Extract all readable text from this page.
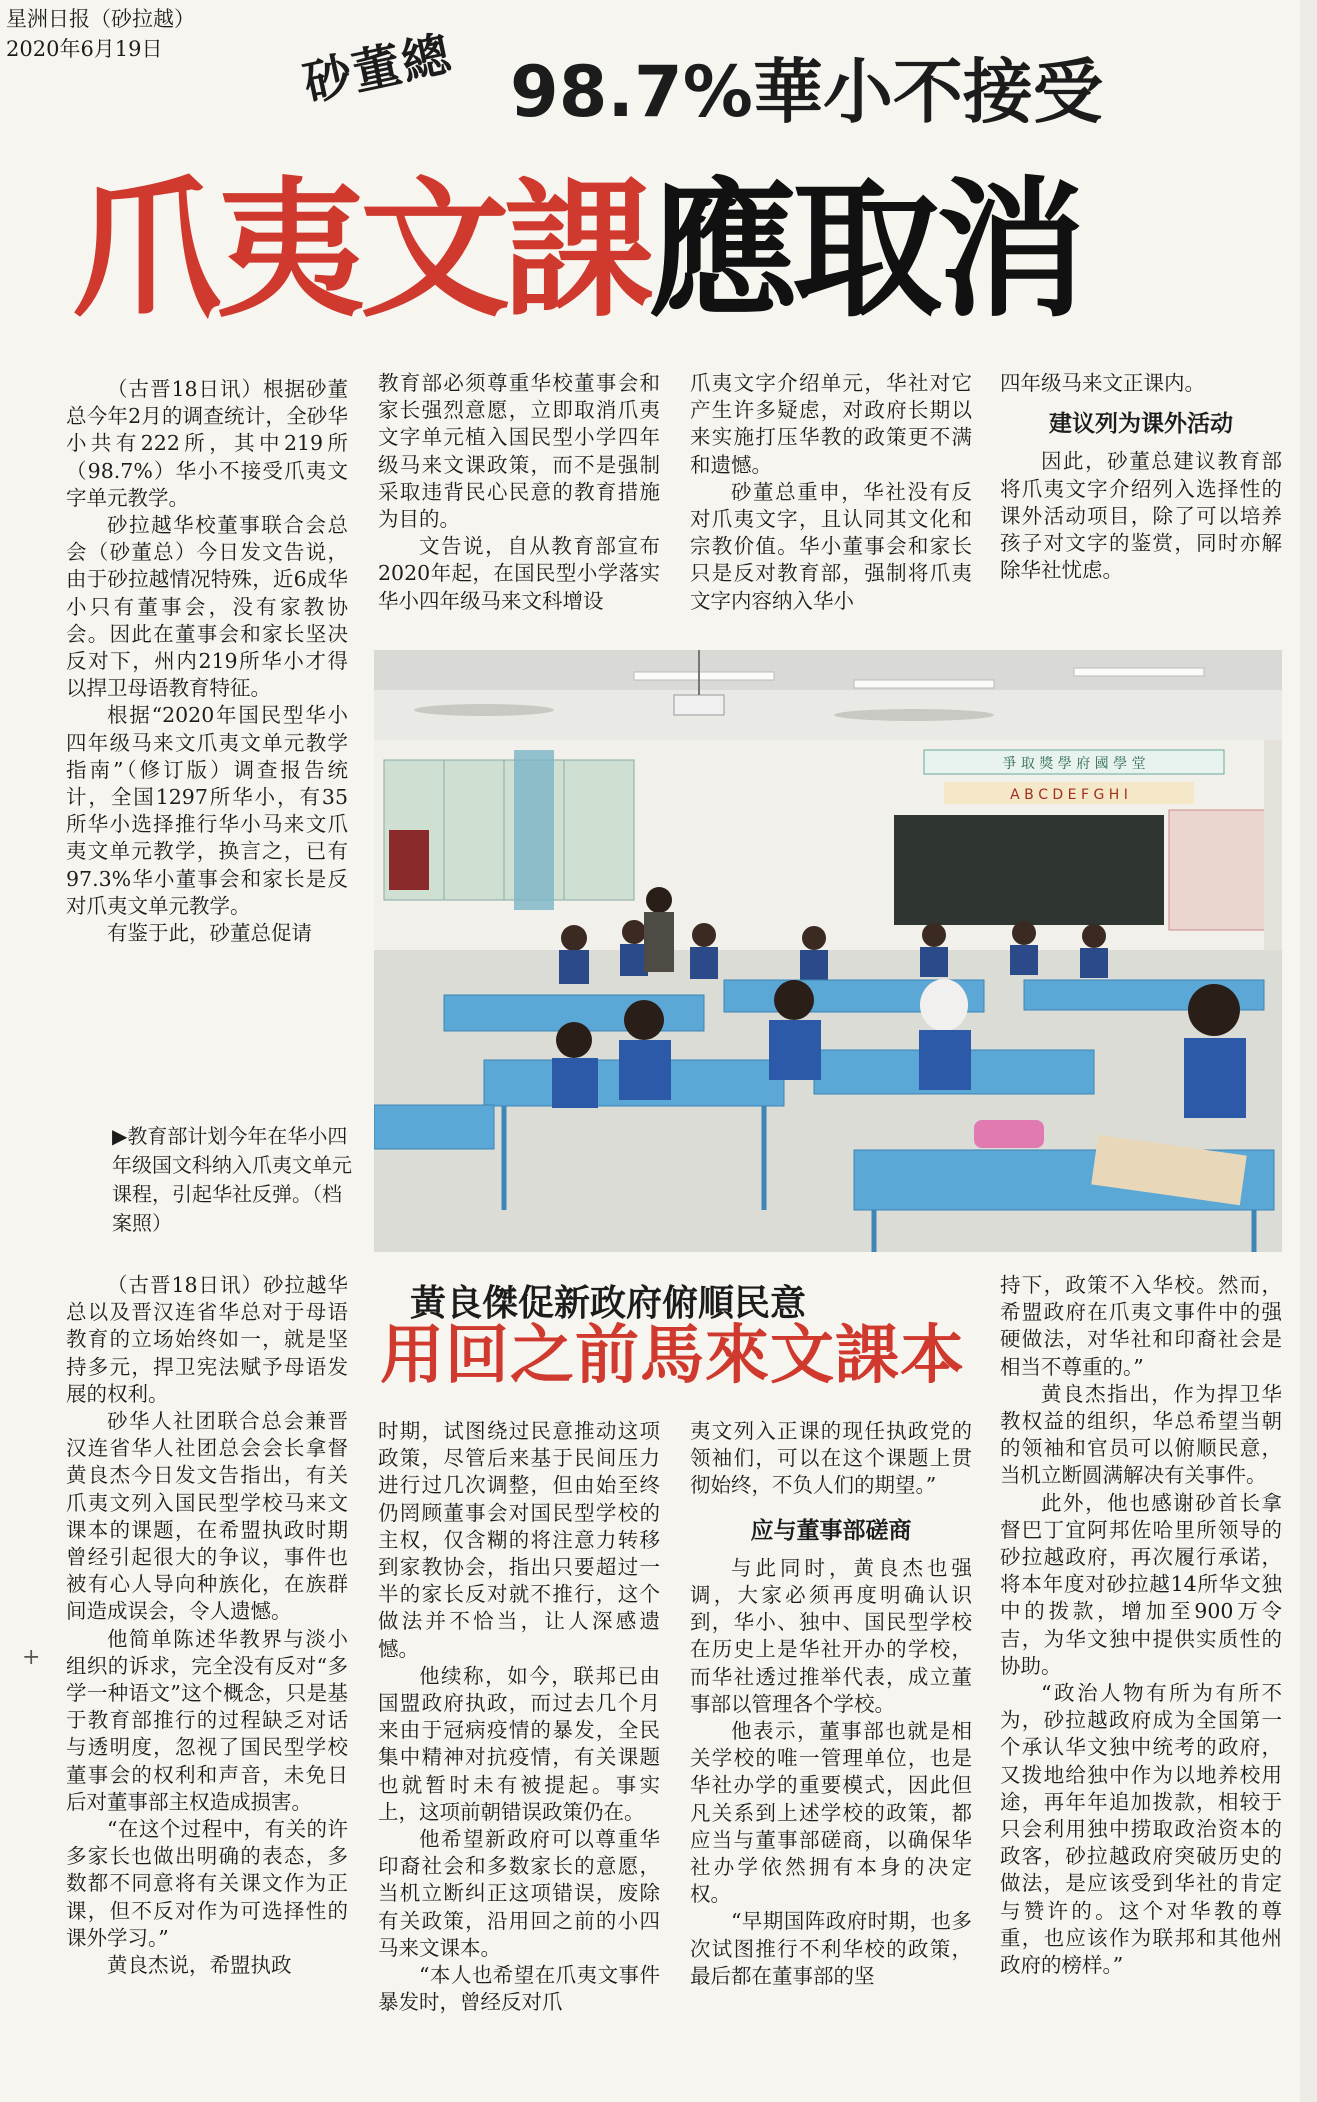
星洲日报（砂拉越）
2020年6月19日	砂董總 98.7%華小不接受
爪夷文課應取消

（古晋18日讯）根据砂董总今年2月的调查统计，全砂华小共有222所，其中219所（98.7%）华小不接受爪夷文字单元教学。

砂拉越华校董事联合会总会（砂董总）今日发文告说，由于砂拉越情况特殊，近6成华小只有董事会，没有家教协会。因此在董事会和家长坚决反对下，州内219所华小才得以捍卫母语教育特征。

根据“2020年国民型华小四年级马来文爪夷文单元教学指南”（修订版）调查报告统计，全国1297所华小，有35所华小选择推行华小马来文爪夷文单元教学，换言之，已有97.3%华小董事会和家长是反对爪夷文单元教学。

有鉴于此，砂董总促请

教育部必须尊重华校董事会和家长强烈意愿，立即取消爪夷文字单元植入国民型小学四年级马来文课政策，而不是强制采取违背民心民意的教育措施为目的。

文告说，自从教育部宣布2020年起，在国民型小学落实华小四年级马来文科增设

爪夷文字介绍单元，华社对它产生许多疑虑，对政府长期以来实施打压华教的政策更不满和遗憾。

砂董总重申，华社没有反对爪夷文字，且认同其文化和宗教价值。华小董事会和家长只是反对教育部，强制将爪夷文字内容纳入华小

四年级马来文正课内。

建议列为课外活动

因此，砂董总建议教育部将爪夷文字介绍列入选择性的课外活动项目，除了可以培养孩子对文字的鉴赏，同时亦解除华社忧虑。

▶教育部计划今年在华小四年级国文科纳入爪夷文单元课程，引起华社反弹。（档案照）
爭 取 獎 學 府 國 學 堂
A B C D E F G H I
黃良傑促新政府俯順民意
用回之前馬來文課本

（古晋18日讯）砂拉越华总以及晋汉连省华总对于母语教育的立场始终如一，就是坚持多元，捍卫宪法赋予母语发展的权利。

砂华人社团联合总会兼晋汉连省华人社团总会会长拿督黄良杰今日发文告指出，有关爪夷文列入国民型学校马来文课本的课题，在希盟执政时期曾经引起很大的争议，事件也被有心人导向种族化，在族群间造成误会，令人遗憾。

他简单陈述华教界与淡小组织的诉求，完全没有反对“多学一种语文”这个概念，只是基于教育部推行的过程缺乏对话与透明度，忽视了国民型学校董事会的权利和声音，未免日后对董事部主权造成损害。

“在这个过程中，有关的许多家长也做出明确的表态，多数都不同意将有关课文作为正课，但不反对作为可选择性的课外学习。”

黄良杰说，希盟执政

时期，试图绕过民意推动这项政策，尽管后来基于民间压力进行过几次调整，但由始至终仍罔顾董事会对国民型学校的主权，仅含糊的将注意力转移到家教协会，指出只要超过一半的家长反对就不推行，这个做法并不恰当，让人深感遗憾。

他续称，如今，联邦已由国盟政府执政，而过去几个月来由于冠病疫情的暴发，全民集中精神对抗疫情，有关课题也就暂时未有被提起。事实上，这项前朝错误政策仍在。

他希望新政府可以尊重华印裔社会和多数家长的意愿，当机立断纠正这项错误，废除有关政策，沿用回之前的小四马来文课本。

“本人也希望在爪夷文事件暴发时，曾经反对爪

夷文列入正课的现任执政党的领袖们，可以在这个课题上贯彻始终，不负人们的期望。”

应与董事部磋商

与此同时，黄良杰也强调，大家必须再度明确认识到，华小、独中、国民型学校在历史上是华社开办的学校，而华社透过推举代表，成立董事部以管理各个学校。

他表示，董事部也就是相关学校的唯一管理单位，也是华社办学的重要模式，因此但凡关系到上述学校的政策，都应当与董事部磋商，以确保华社办学依然拥有本身的决定权。

“早期国阵政府时期，也多次试图推行不利华校的政策，最后都在董事部的坚

持下，政策不入华校。然而，希盟政府在爪夷文事件中的强硬做法，对华社和印裔社会是相当不尊重的。”

黄良杰指出，作为捍卫华教权益的组织，华总希望当朝的领袖和官员可以俯顺民意，当机立断圆满解决有关事件。

此外，他也感谢砂首长拿督巴丁宜阿邦佐哈里所领导的砂拉越政府，再次履行承诺，将本年度对砂拉越14所华文独中的拨款，增加至900万令吉，为华文独中提供实质性的协助。

“政治人物有所为有所不为，砂拉越政府成为全国第一个承认华文独中统考的政府，又拨地给独中作为以地养校用途，再年年追加拨款，相较于只会利用独中捞取政治资本的政客，砂拉越政府突破历史的做法，是应该受到华社的肯定与赞许的。这个对华教的尊重，也应该作为联邦和其他州政府的榜样。”

+
